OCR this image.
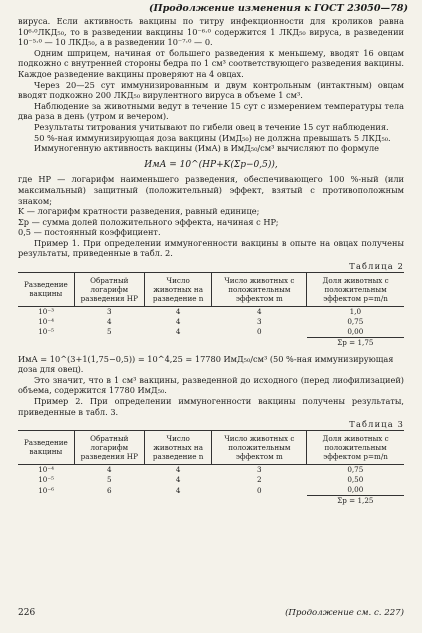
(Продолжение изменения к ГОСТ 23050—78)

вируса. Если активность вакцины по титру инфекционности для кроликов равна 10⁶·⁰ЛКД₅₀, то в разведении вакцины 10⁻⁶·⁰ содержится 1 ЛКД₅₀ вируса, в разведении 10⁻⁵·⁰ — 10 ЛКД₅₀, а в разведении 10⁻⁷·⁰ — 0.

Одним шприцем, начиная от большего разведения к меньшему, вводят 16 овцам подкожно с внутренней стороны бедра по 1 см³ соответствующего разведения вакцины. Каждое разведение вакцины проверяют на 4 овцах.

Через 20—25 сут иммунизированным и двум контрольным (интактным) овцам вводят подкожно 200 ЛКД₅₀ вирулентного вируса в объеме 1 см³.

Наблюдение за животными ведут в течение 15 сут с измерением температуры тела два раза в день (утром и вечером).

Результаты титрования учитывают по гибели овец в течение 15 сут наблюдения.

50 %-ная иммунизирующая доза вакцины (ИмД₅₀) не должна превышать 5 ЛКД₅₀.

Иммуногенную активность вакцины (ИмА) в ИмД₅₀/см³ вычисляют по формуле

ИмА = 10^(HP+K(Σp−0,5)),

где HP — логарифм наименьшего разведения, обеспечивающего 100 %-ный (или максимальный) защитный (положительный) эффект, взятый с противоположным знаком;

K — логарифм кратности разведения, равный единице;

Σp — сумма долей положительного эффекта, начиная с HP;

0,5 — постоянный коэффициент.

Пример 1. При определении иммуногенности вакцины в опыте на овцах получены результаты, приведенные в табл. 2.

Таблица 2
Разведение вакцины	Обратный логарифм разведения HP	Число животных на разведение n	Число животных с положительным эффектом m	Доля животных с положительным эффектом p=m/n
10⁻³	3	4	4	1,0
10⁻⁴	4	4	3	0,75
10⁻⁵	5	4	0	0,00
				Σp = 1,75

ИмА = 10^(3+1(1,75−0,5)) = 10^4,25 = 17780 ИмД₅₀/см³ (50 %-ная иммунизирующая доза для овец).

Это значит, что в 1 см³ вакцины, разведенной до исходного (перед лиофилизацией) объема, содержится 17780 ИмД₅₀.

Пример 2. При определении иммуногенности вакцины получены результаты, приведенные в табл. 3.

Таблица 3
Разведение вакцины	Обратный логарифм разведения HP	Число животных на разведение n	Число животных с положительным эффектом m	Доля животных с положительным эффектом p=m/n
10⁻⁴	4	4	3	0,75
10⁻⁵	5	4	2	0,50
10⁻⁶	6	4	0	0,00
				Σp = 1,25
226	(Продолжение см. с. 227)
